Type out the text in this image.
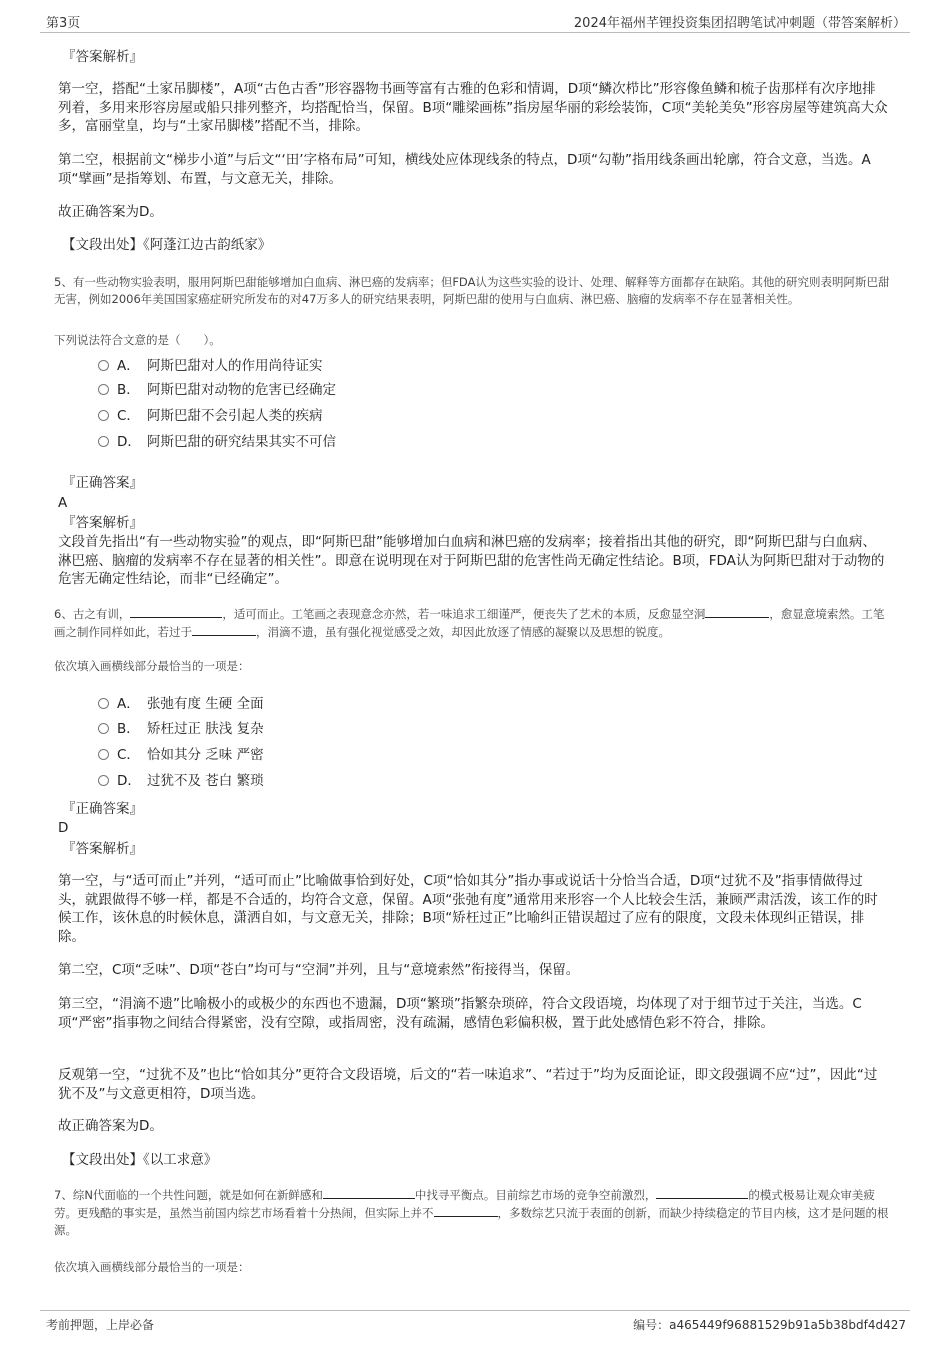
第3页	2024年福州芊锂投资集团招聘笔试冲刺题（带答案解析）
『答案解析』
第一空，搭配“土家吊脚楼”，A项“古色古香”形容器物书画等富有古雅的色彩和情调，D项“鳞次栉比”形容像鱼鳞和梳子齿那样有次序地排列着，多用来形容房屋或船只排列整齐，均搭配恰当，保留。B项“雕梁画栋”指房屋华丽的彩绘装饰，C项“美轮美奂”形容房屋等建筑高大众多，富丽堂皇，均与“土家吊脚楼”搭配不当，排除。
第二空，根据前文“梯步小道”与后文“‘田’字格布局”可知，横线处应体现线条的特点，D项“勾勒”指用线条画出轮廓，符合文意，当选。A项“擘画”是指筹划、布置，与文意无关，排除。
故正确答案为D。
【文段出处】《阿蓬江边古韵纸家》
5、有一些动物实验表明，服用阿斯巴甜能够增加白血病、淋巴癌的发病率；但FDA认为这些实验的设计、处理、解释等方面都存在缺陷。其他的研究则表明阿斯巴甜无害，例如2006年美国国家癌症研究所发布的对47万多人的研究结果表明，阿斯巴甜的使用与白血病、淋巴癌、脑瘤的发病率不存在显著相关性。
下列说法符合文意的是（　　）。
A． 阿斯巴甜对人的作用尚待证实
B． 阿斯巴甜对动物的危害已经确定
C． 阿斯巴甜不会引起人类的疾病
D． 阿斯巴甜的研究结果其实不可信
『正确答案』
A
『答案解析』
文段首先指出“有一些动物实验”的观点，即“阿斯巴甜”能够增加白血病和淋巴癌的发病率；接着指出其他的研究，即“阿斯巴甜与白血病、淋巴癌、脑瘤的发病率不存在显著的相关性”。即意在说明现在对于阿斯巴甜的危害性尚无确定性结论。B项，FDA认为阿斯巴甜对于动物的危害无确定性结论，而非“已经确定”。
6、古之有训，	，适可而止。工笔画之表现意念亦然，若一味追求工细谨严，便丧失了艺术的本质，反愈显空洞	，愈显意境索然。工笔画之制作同样如此，若过于	，涓滴不遗，虽有强化视觉感受之效，却因此放逐了情感的凝聚以及思想的锐度。
依次填入画横线部分最恰当的一项是：
A． 张弛有度 生硬 全面
B． 矫枉过正 肤浅 复杂
C． 恰如其分 乏味 严密
D． 过犹不及 苍白 繁琐
『正确答案』
D
『答案解析』
第一空，与“适可而止”并列，“适可而止”比喻做事恰到好处，C项“恰如其分”指办事或说话十分恰当合适，D项“过犹不及”指事情做得过头，就跟做得不够一样，都是不合适的，均符合文意，保留。A项“张弛有度”通常用来形容一个人比较会生活，兼顾严肃活泼，该工作的时候工作，该休息的时候休息，潇洒自如，与文意无关，排除；B项“矫枉过正”比喻纠正错误超过了应有的限度，文段未体现纠正错误，排除。
第二空，C项“乏味”、D项“苍白”均可与“空洞”并列，且与“意境索然”衔接得当，保留。
第三空，“涓滴不遗”比喻极小的或极少的东西也不遗漏，D项“繁琐”指繁杂琐碎，符合文段语境，均体现了对于细节过于关注，当选。C项“严密”指事物之间结合得紧密，没有空隙，或指周密，没有疏漏，感情色彩偏积极，置于此处感情色彩不符合，排除。
反观第一空，“过犹不及”也比“恰如其分”更符合文段语境，后文的“若一味追求”、“若过于”均为反面论证，即文段强调不应“过”，因此“过犹不及”与文意更相符，D项当选。
故正确答案为D。
【文段出处】《以工求意》
7、综N代面临的一个共性问题，就是如何在新鲜感和	中找寻平衡点。目前综艺市场的竞争空前激烈，	的模式极易让观众审美疲劳。更残酷的事实是，虽然当前国内综艺市场看着十分热闹，但实际上并不	，多数综艺只流于表面的创新，而缺少持续稳定的节目内核，这才是问题的根源。
依次填入画横线部分最恰当的一项是：
考前押题，上岸必备	编号：a465449f96881529b91a5b38bdf4d427
